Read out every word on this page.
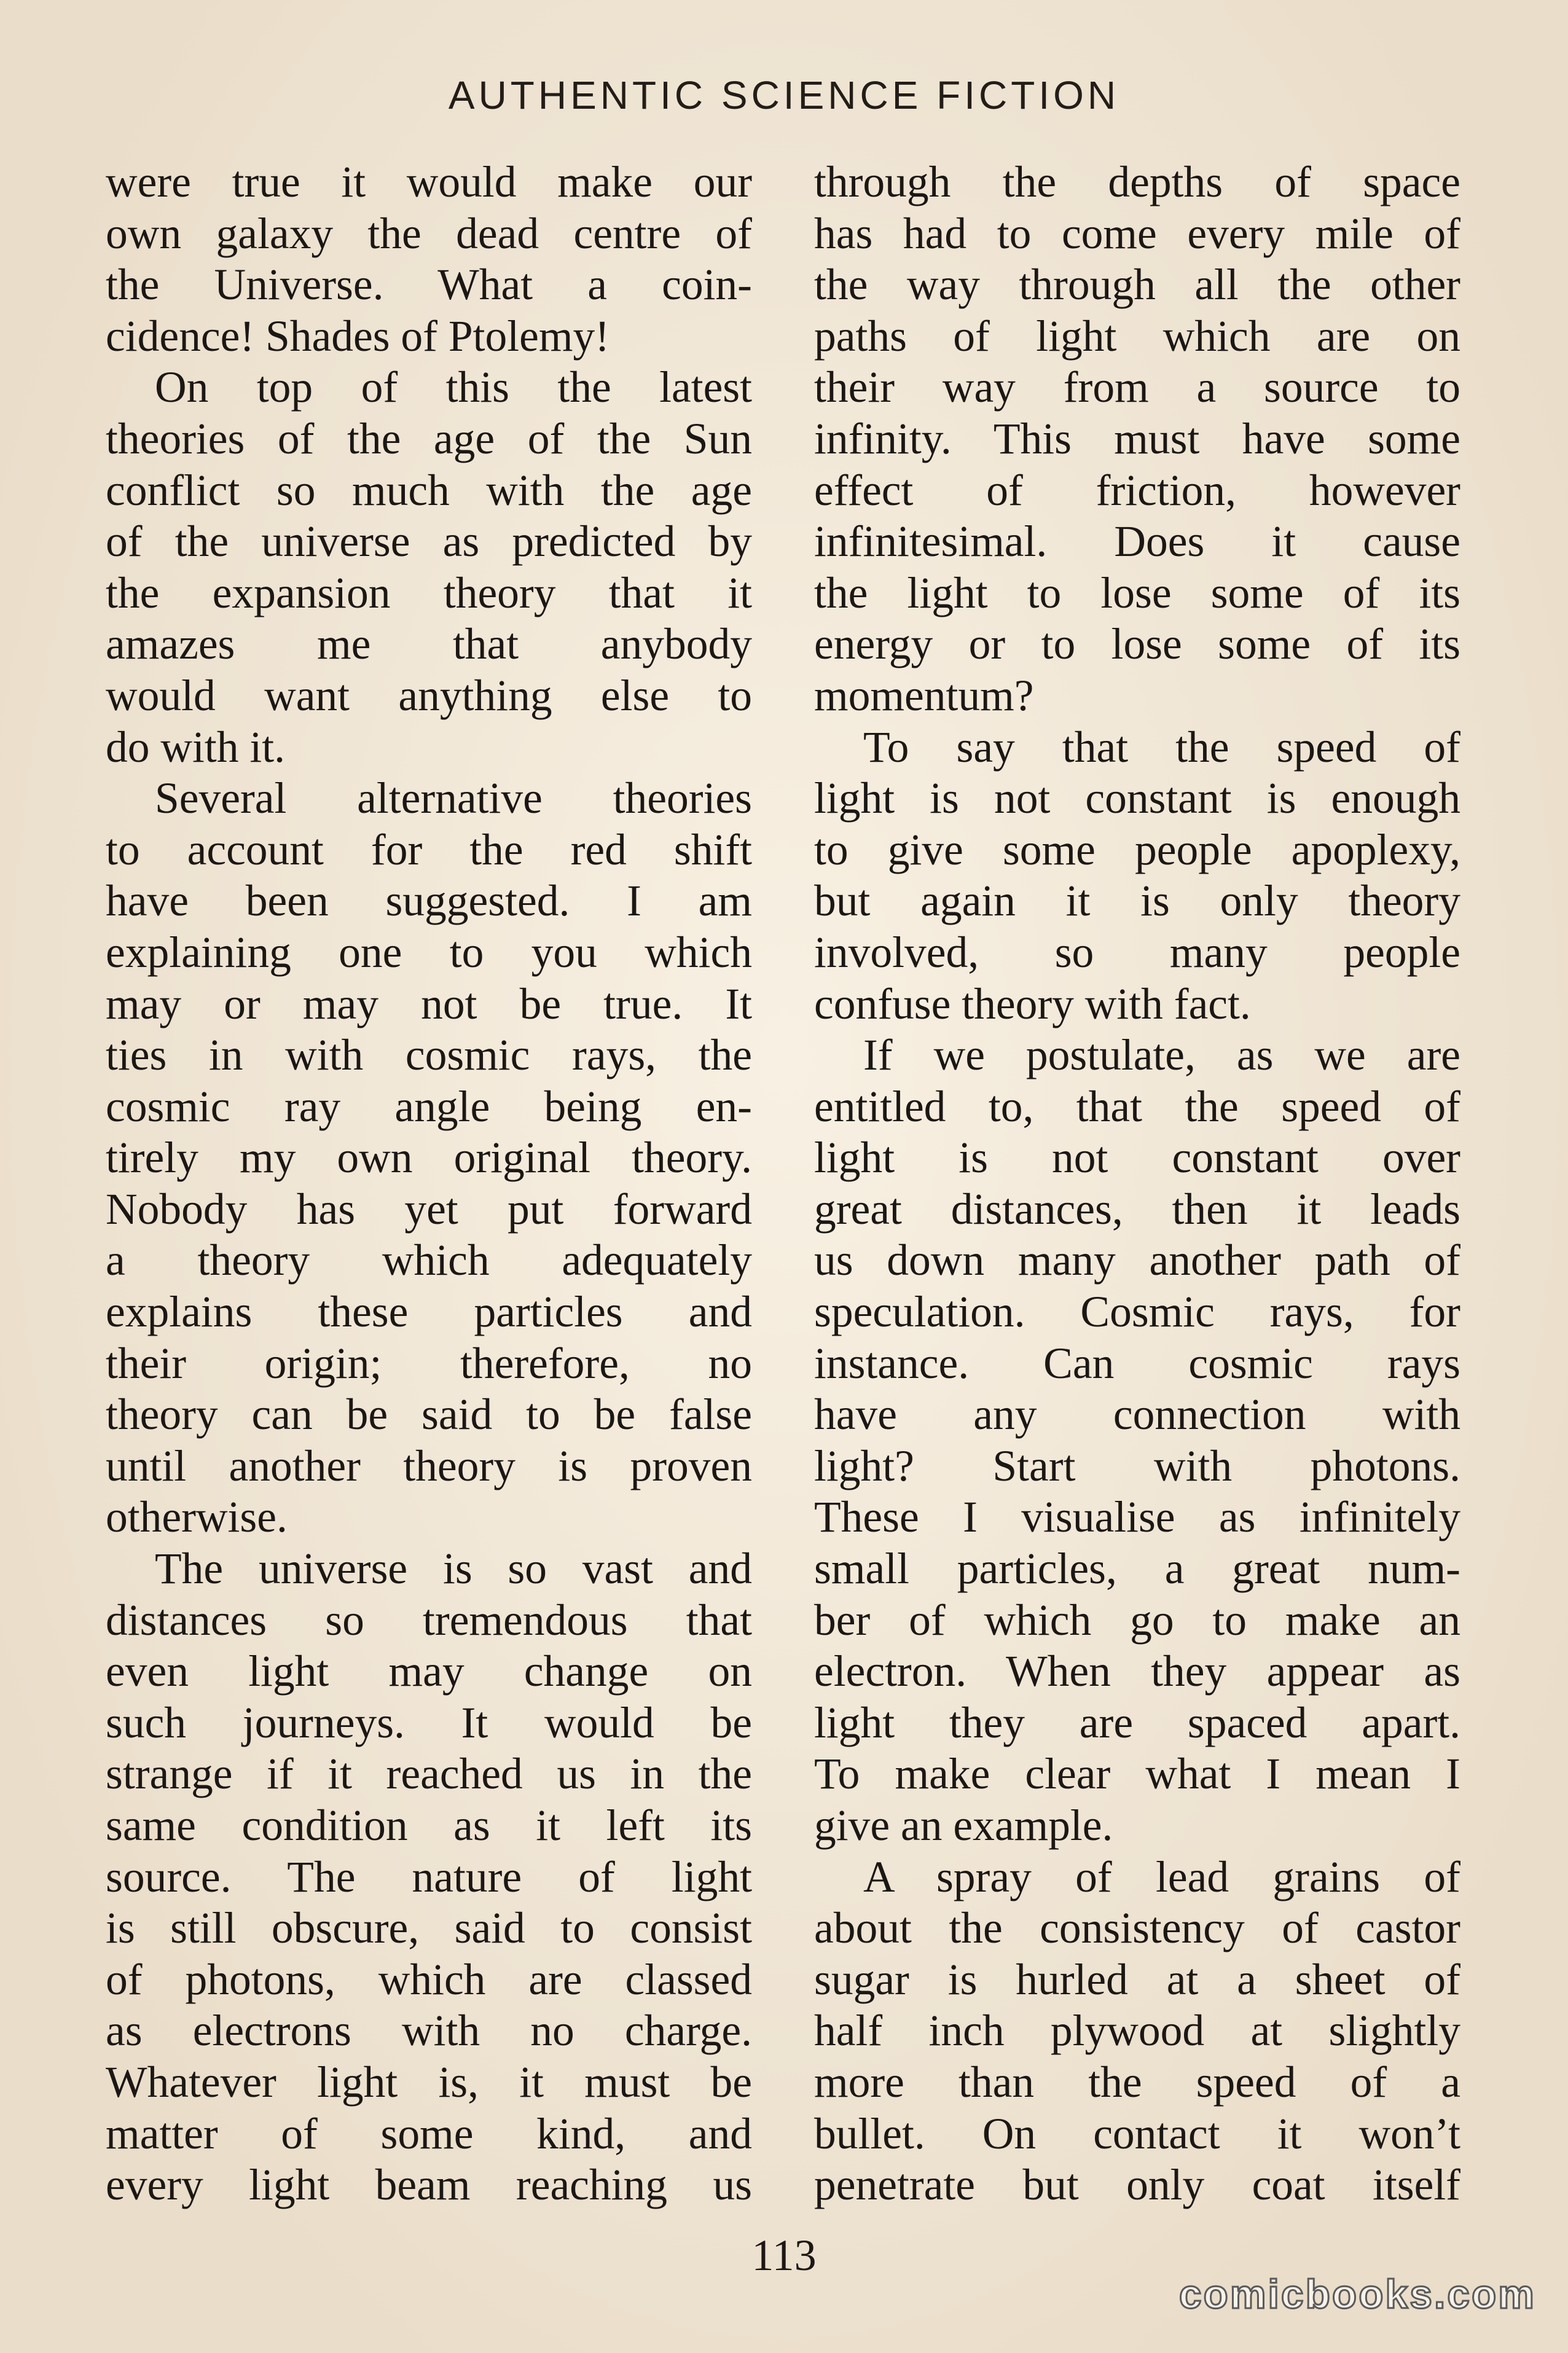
AUTHENTIC SCIENCE FICTION
were true it would make our
own galaxy the dead centre of
the Universe. What a coin-
cidence! Shades of Ptolemy!
On top of this the latest
theories of the age of the Sun
conflict so much with the age
of the universe as predicted by
the expansion theory that it
amazes me that anybody
would want anything else to
do with it.
Several alternative theories
to account for the red shift
have been suggested. I am
explaining one to you which
may or may not be true. It
ties in with cosmic rays, the
cosmic ray angle being en-
tirely my own original theory.
Nobody has yet put forward
a theory which adequately
explains these particles and
their origin; therefore, no
theory can be said to be false
until another theory is proven
otherwise.
The universe is so vast and
distances so tremendous that
even light may change on
such journeys. It would be
strange if it reached us in the
same condition as it left its
source. The nature of light
is still obscure, said to consist
of photons, which are classed
as electrons with no charge.
Whatever light is, it must be
matter of some kind, and
every light beam reaching us
through the depths of space
has had to come every mile of
the way through all the other
paths of light which are on
their way from a source to
infinity. This must have some
effect of friction, however
infinitesimal. Does it cause
the light to lose some of its
energy or to lose some of its
momentum?
To say that the speed of
light is not constant is enough
to give some people apoplexy,
but again it is only theory
involved, so many people
confuse theory with fact.
If we postulate, as we are
entitled to, that the speed of
light is not constant over
great distances, then it leads
us down many another path of
speculation. Cosmic rays, for
instance. Can cosmic rays
have any connection with
light? Start with photons.
These I visualise as infinitely
small particles, a great num-
ber of which go to make an
electron. When they appear as
light they are spaced apart.
To make clear what I mean I
give an example.
A spray of lead grains of
about the consistency of castor
sugar is hurled at a sheet of
half inch plywood at slightly
more than the speed of a
bullet. On contact it won’t
penetrate but only coat itself
113
comicbooks.com
